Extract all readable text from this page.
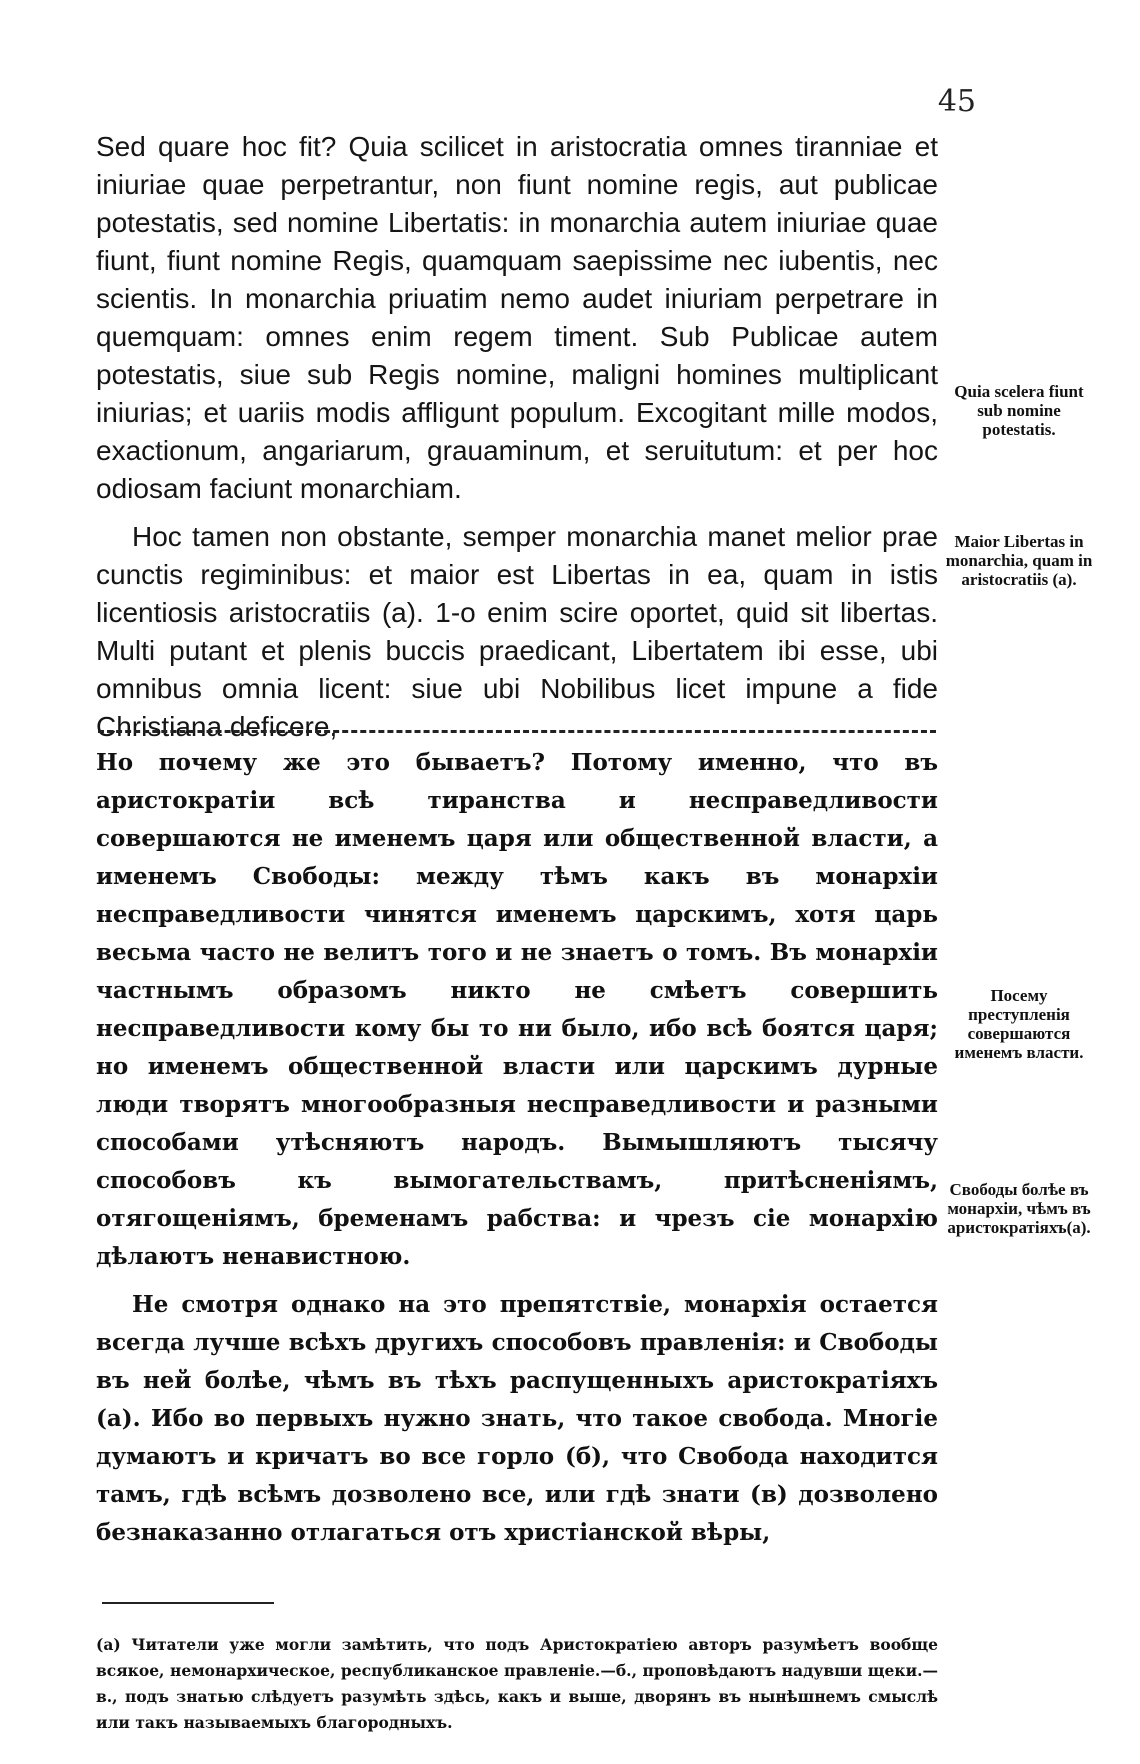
45

Sed quare hoc fit? Quia scilicet in aristocratia omnes tiranniae et iniuriae quae perpetrantur, non fiunt nomine regis, aut publicae potestatis, sed nomine Libertatis: in monarchia autem iniuriae quae fiunt, fiunt nomine Regis, quamquam saepissime nec iubentis, nec scientis. In monarchia priuatim nemo audet iniuriam perpetrare in quemquam: omnes enim regem timent. Sub Publicae autem potestatis, siue sub Regis nomine, maligni homines multiplicant iniurias; et uariis modis affligunt populum. Excogitant mille modos, exactionum, angariarum, grauaminum, et seruitutum: et per hoc odiosam faciunt monarchiam.

Hoc tamen non obstante, semper monarchia manet melior prae cunctis regiminibus: et maior est Libertas in ea, quam in istis licentiosis aristocratiis (a). 1-o enim scire oportet, quid sit libertas. Multi putant et plenis buccis praedicant, Libertatem ibi esse, ubi omnibus omnia licent: siue ubi Nobilibus licet impune a fide Christiana deficere,

Quia scelera fiunt sub nomine potestatis.
Maior Libertas in monarchia, quam in aristocratiis (a).

Но почему же это бываетъ? Потому именно, что въ аристократіи всѣ тиранства и несправедливости совершаются не именемъ царя или общественной власти, а именемъ Свободы: между тѣмъ какъ въ монархіи несправедливости чинятся именемъ царскимъ, хотя царь весьма часто не велитъ того и не знаетъ о томъ. Въ монархіи частнымъ образомъ никто не смѣетъ совершить несправедливости кому бы то ни было, ибо всѣ боятся царя; но именемъ общественной власти или царскимъ дурные люди творятъ многообразныя несправедливости и разными способами утѣсняютъ народъ. Вымышляютъ тысячу способовъ къ вымогательствамъ, притѣсненіямъ, отягощеніямъ, бременамъ рабства: и чрезъ сіе монархію дѣлаютъ ненавистною.

Не смотря однако на это препятствіе, монархія остается всегда лучше всѣхъ другихъ способовъ правленія: и Свободы въ ней болѣе, чѣмъ въ тѣхъ распущенныхъ аристократіяхъ (а). Ибо во первыхъ нужно знать, что такое свобода. Многіе думаютъ и кричатъ во все горло (б), что Свобода находится тамъ, гдѣ всѣмъ дозволено все, или гдѣ знати (в) дозволено безнаказанно отлагаться отъ христіанской вѣры,

Посему преступленія совершаются именемъ власти.
Свободы болѣе въ монархіи, чѣмъ въ аристократіяхъ(а).

(а) Читатели уже могли замѣтить, что подъ Аристократіею авторъ разумѣетъ вообще всякое, немонархическое, республиканское правленіе.—б., проповѣдаютъ надувши щеки.—в., подъ знатью слѣдуетъ разумѣть здѣсь, какъ и выше, дворянъ въ нынѣшнемъ смыслѣ или такъ называемыхъ благородныхъ.
